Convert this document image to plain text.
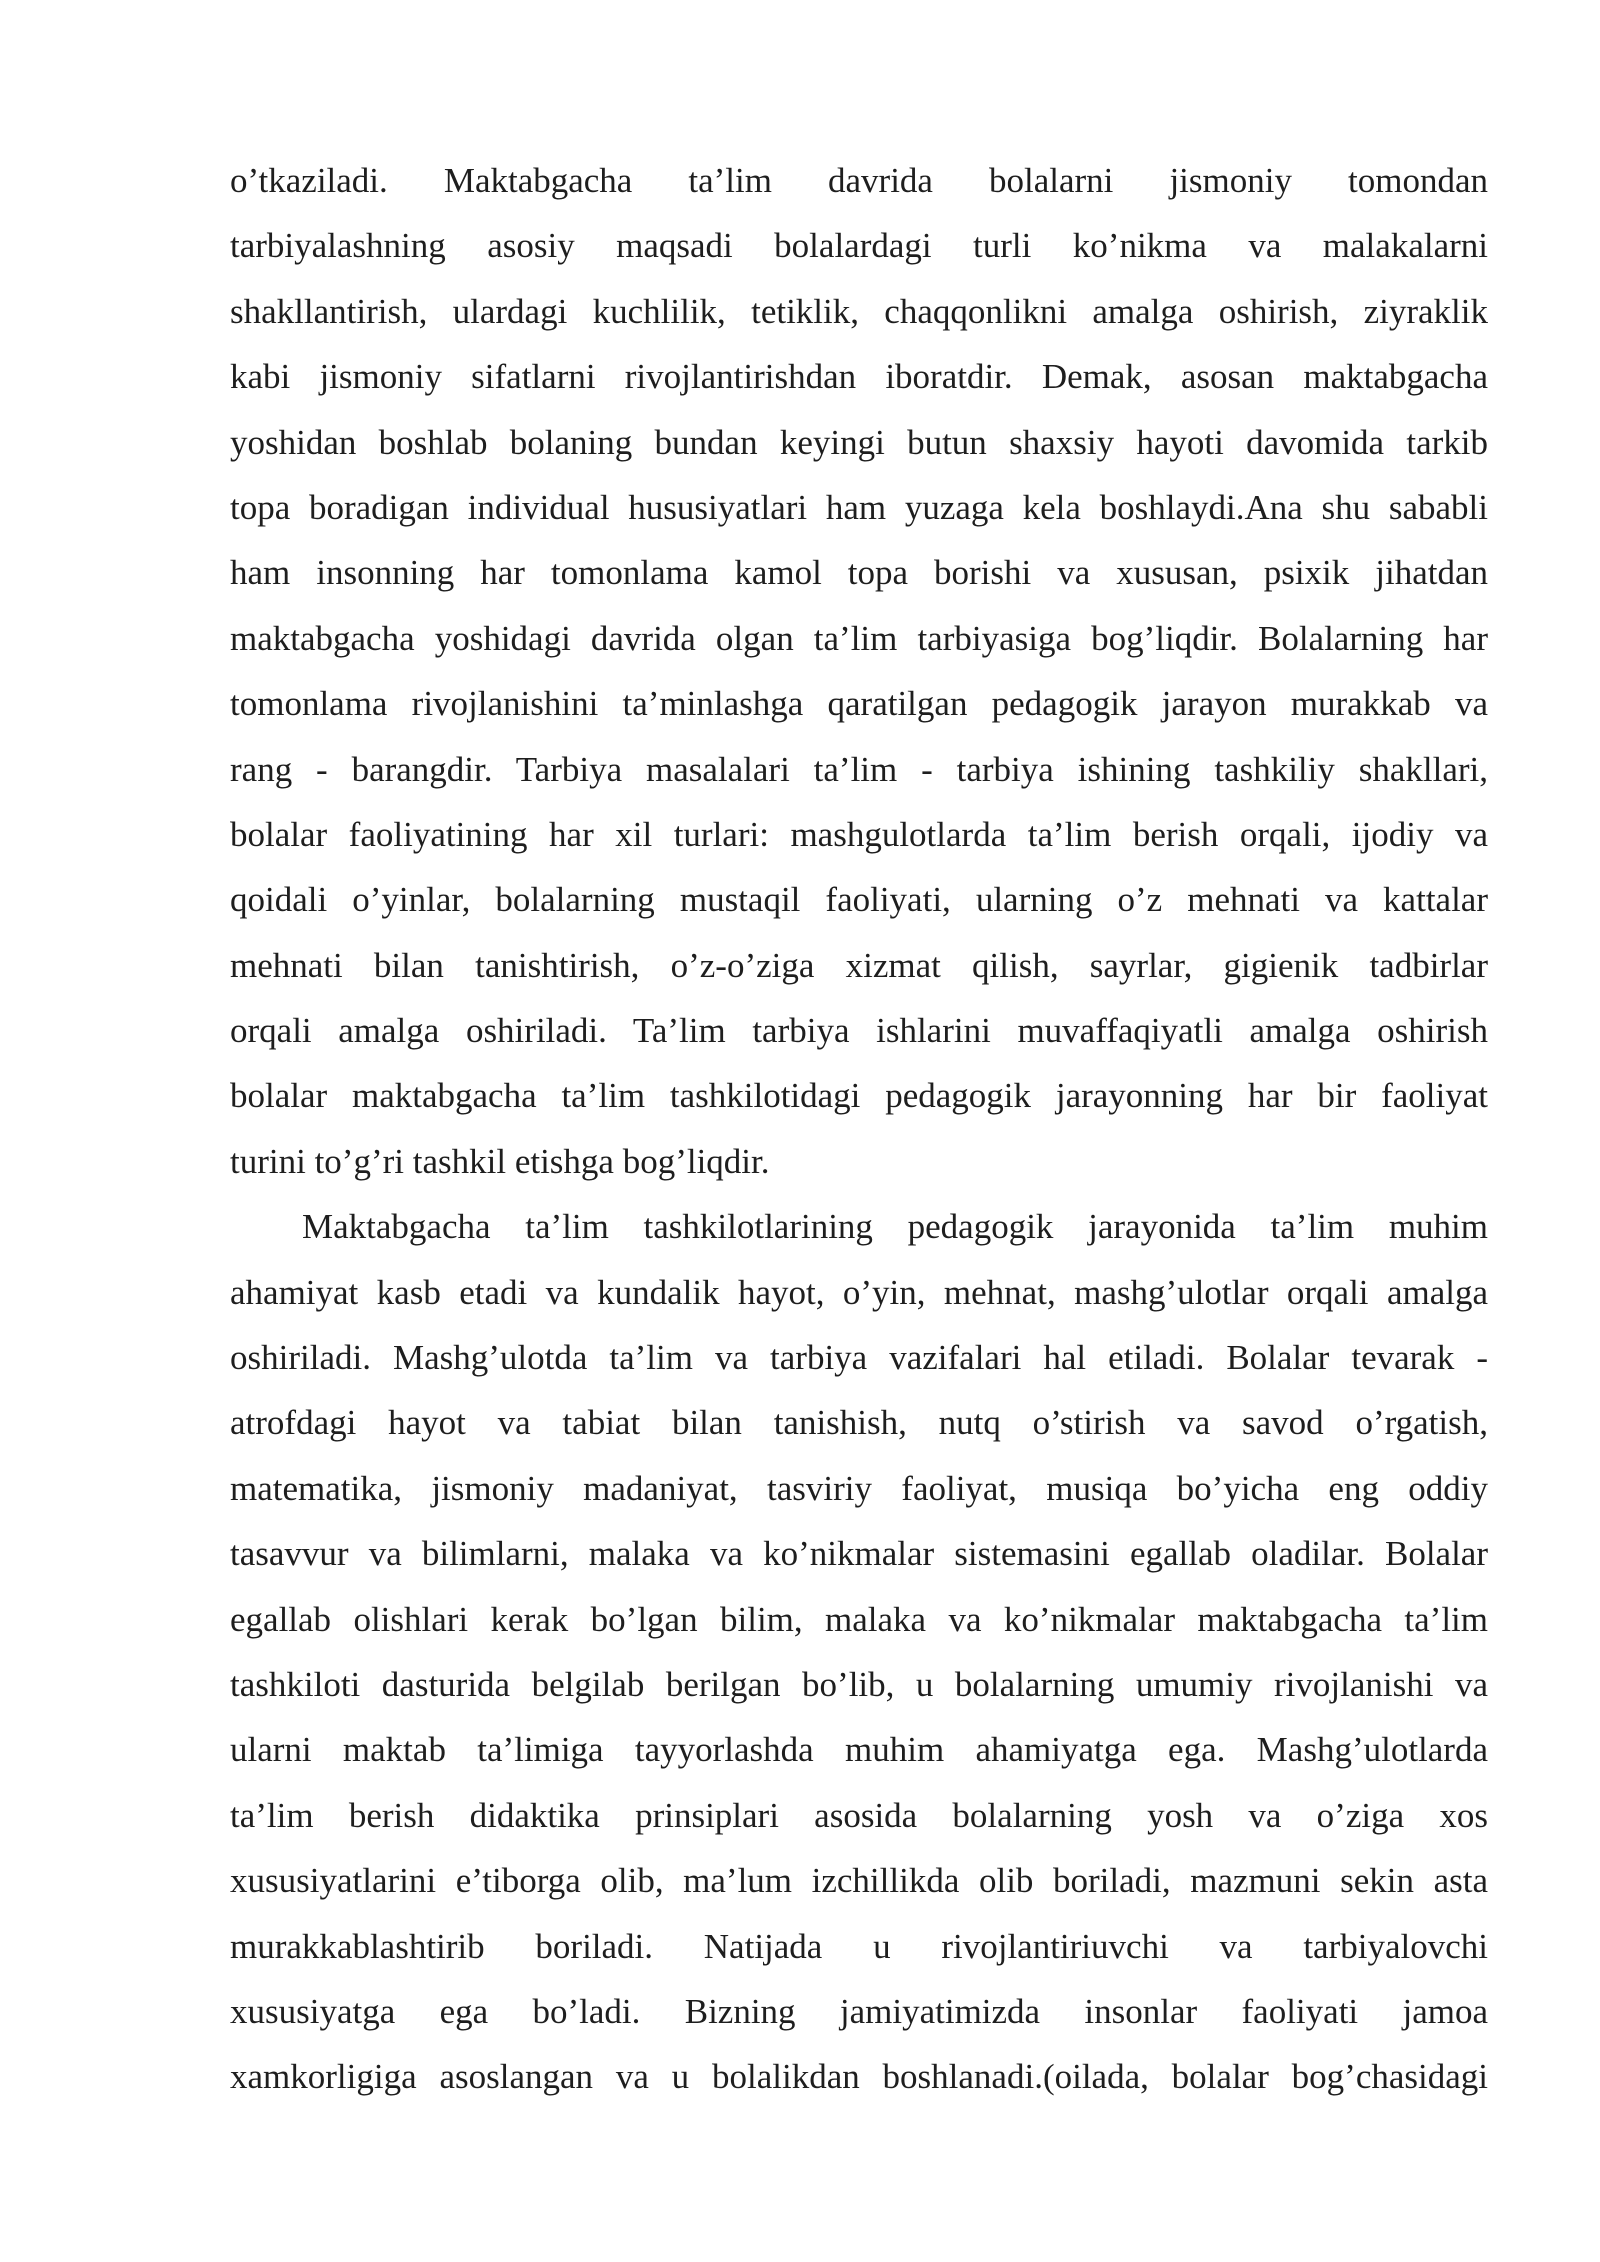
o’tkaziladi. Maktabgacha ta’lim davrida bolalarni jismoniy tomondan
tarbiyalashning asosiy maqsadi bolalardagi turli ko’nikma va malakalarni
shakllantirish, ulardagi kuchlilik, tetiklik, chaqqonlikni amalga oshirish, ziyraklik
kabi jismoniy sifatlarni rivojlantirishdan iboratdir. Demak, asosan maktabgacha
yoshidan boshlab bolaning bundan keyingi butun shaxsiy hayoti davomida tarkib
topa boradigan individual hususiyatlari ham yuzaga kela boshlaydi.Ana shu sababli
ham insonning har tomonlama kamol topa borishi va xususan, psixik jihatdan
maktabgacha yoshidagi davrida olgan ta’lim tarbiyasiga bog’liqdir. Bolalarning har
tomonlama rivojlanishini ta’minlashga qaratilgan pedagogik jarayon murakkab va
rang - barangdir. Tarbiya masalalari ta’lim - tarbiya ishining tashkiliy shakllari,
bolalar faoliyatining har xil turlari: mashgulotlarda ta’lim berish orqali, ijodiy va
qoidali o’yinlar, bolalarning mustaqil faoliyati, ularning o’z mehnati va kattalar
mehnati bilan tanishtirish, o’z-o’ziga xizmat qilish, sayrlar, gigienik tadbirlar
orqali amalga oshiriladi. Ta’lim tarbiya ishlarini muvaffaqiyatli amalga oshirish
bolalar maktabgacha ta’lim tashkilotidagi pedagogik jarayonning har bir faoliyat
turini to’g’ri tashkil etishga bog’liqdir.
Maktabgacha ta’lim tashkilotlarining pedagogik jarayonida ta’lim muhim
ahamiyat kasb etadi va kundalik hayot, o’yin, mehnat, mashg’ulotlar orqali amalga
oshiriladi. Mashg’ulotda ta’lim va tarbiya vazifalari hal etiladi. Bolalar tevarak -
atrofdagi hayot va tabiat bilan tanishish, nutq o’stirish va savod o’rgatish,
matematika, jismoniy madaniyat, tasviriy faoliyat, musiqa bo’yicha eng oddiy
tasavvur va bilimlarni, malaka va ko’nikmalar sistemasini egallab oladilar. Bolalar
egallab olishlari kerak bo’lgan bilim, malaka va ko’nikmalar maktabgacha ta’lim
tashkiloti dasturida belgilab berilgan bo’lib, u bolalarning umumiy rivojlanishi va
ularni maktab ta’limiga tayyorlashda muhim ahamiyatga ega. Mashg’ulotlarda
ta’lim berish didaktika prinsiplari asosida bolalarning yosh va o’ziga xos
xususiyatlarini e’tiborga olib, ma’lum izchillikda olib boriladi, mazmuni sekin asta
murakkablashtirib boriladi. Natijada u rivojlantiriuvchi va tarbiyalovchi
xususiyatga ega bo’ladi. Bizning jamiyatimizda insonlar faoliyati jamoa
xamkorligiga asoslangan va u bolalikdan boshlanadi.(oilada, bolalar bog’chasidagi
